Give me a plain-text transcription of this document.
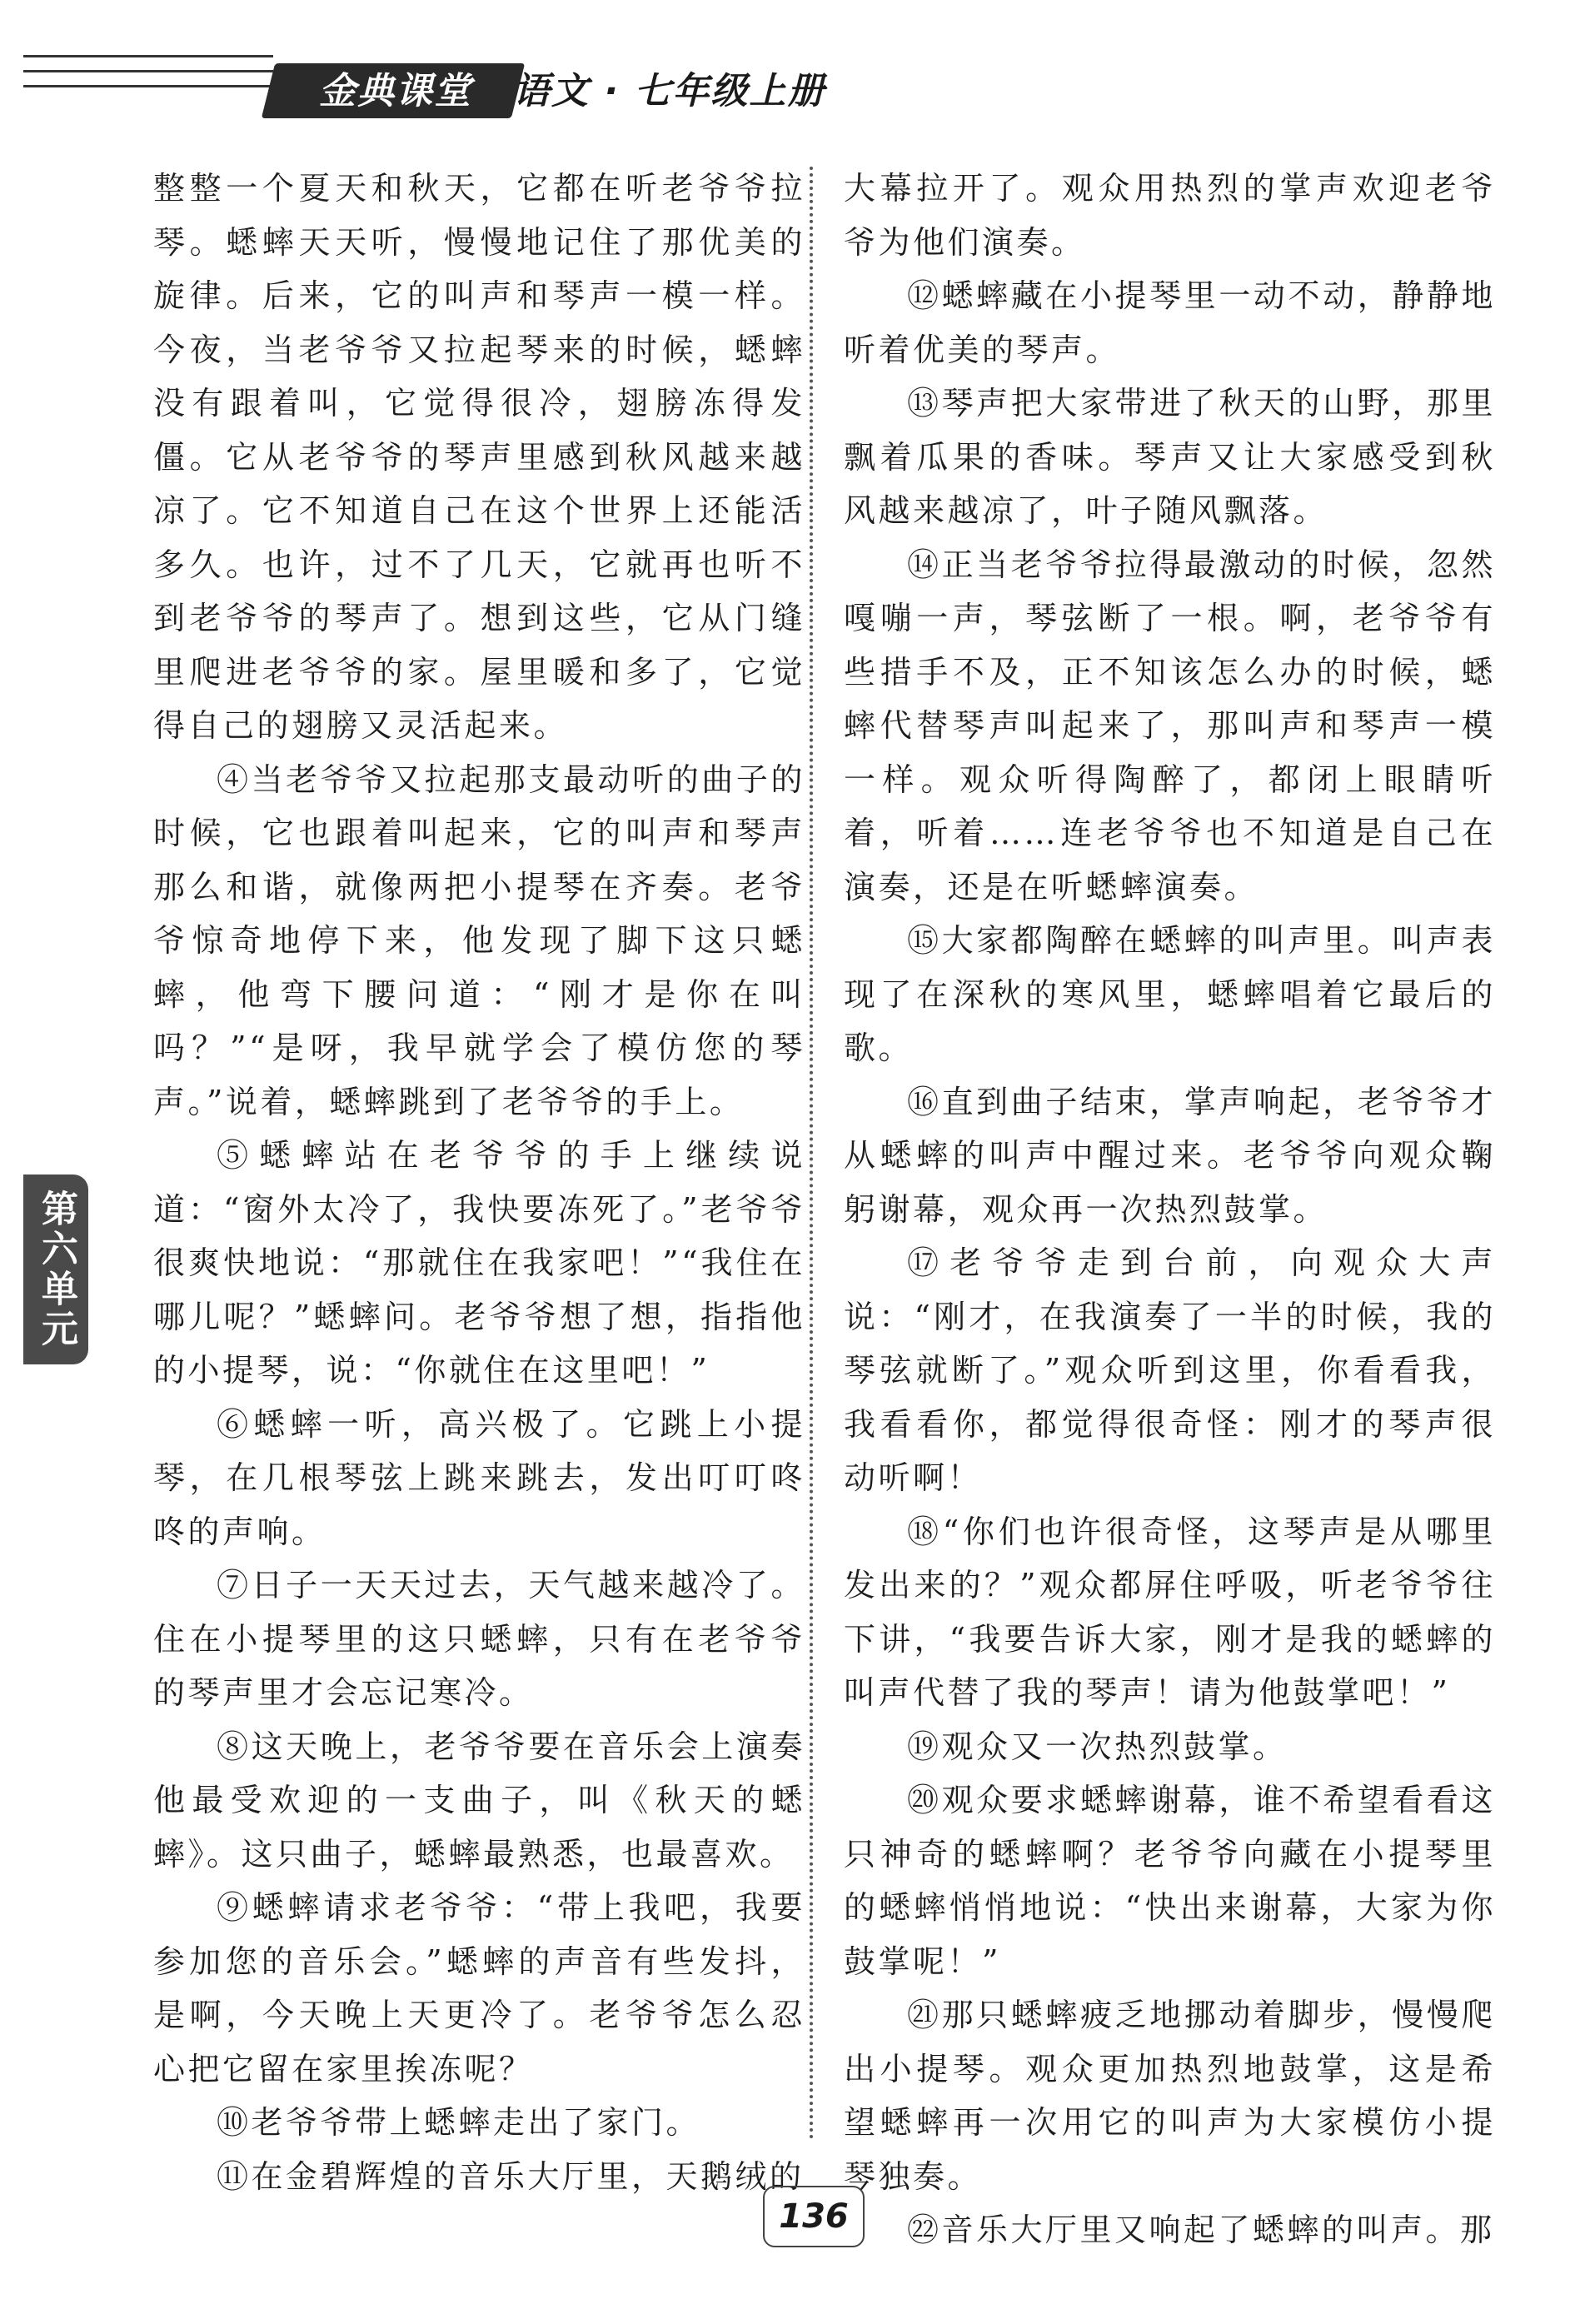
金典课堂	语文 · 七年级上册

整整一个夏天和秋天，它都在听老爷爷拉琴。蟋蟀天天听，慢慢地记住了那优美的旋律。后来，它的叫声和琴声一模一样。今夜，当老爷爷又拉起琴来的时候，蟋蟀没有跟着叫，它觉得很冷，翅膀冻得发僵。它从老爷爷的琴声里感到秋风越来越凉了。它不知道自己在这个世界上还能活多久。也许，过不了几天，它就再也听不到老爷爷的琴声了。想到这些，它从门缝里爬进老爷爷的家。屋里暖和多了，它觉得自己的翅膀又灵活起来。

④当老爷爷又拉起那支最动听的曲子的时候，它也跟着叫起来，它的叫声和琴声那么和谐，就像两把小提琴在齐奏。老爷爷惊奇地停下来，他发现了脚下这只蟋蟀，他弯下腰问道：“刚才是你在叫吗？”“是呀，我早就学会了模仿您的琴声。”说着，蟋蟀跳到了老爷爷的手上。

⑤蟋蟀站在老爷爷的手上继续说道：“窗外太冷了，我快要冻死了。”老爷爷很爽快地说：“那就住在我家吧！”“我住在哪儿呢？”蟋蟀问。老爷爷想了想，指指他的小提琴，说：“你就住在这里吧！”

⑥蟋蟀一听，高兴极了。它跳上小提琴，在几根琴弦上跳来跳去，发出叮叮咚咚的声响。

⑦日子一天天过去，天气越来越冷了。住在小提琴里的这只蟋蟀，只有在老爷爷的琴声里才会忘记寒冷。

⑧这天晚上，老爷爷要在音乐会上演奏他最受欢迎的一支曲子，叫《秋天的蟋蟀》。这只曲子，蟋蟀最熟悉，也最喜欢。

⑨蟋蟀请求老爷爷：“带上我吧，我要参加您的音乐会。”蟋蟀的声音有些发抖，是啊，今天晚上天更冷了。老爷爷怎么忍心把它留在家里挨冻呢？

⑩老爷爷带上蟋蟀走出了家门。

⑪在金碧辉煌的音乐大厅里，天鹅绒的

大幕拉开了。观众用热烈的掌声欢迎老爷爷为他们演奏。

⑫蟋蟀藏在小提琴里一动不动，静静地听着优美的琴声。

⑬琴声把大家带进了秋天的山野，那里飘着瓜果的香味。琴声又让大家感受到秋风越来越凉了，叶子随风飘落。

⑭正当老爷爷拉得最激动的时候，忽然嘎嘣一声，琴弦断了一根。啊，老爷爷有些措手不及，正不知该怎么办的时候，蟋蟀代替琴声叫起来了，那叫声和琴声一模一样。观众听得陶醉了，都闭上眼睛听着，听着……连老爷爷也不知道是自己在演奏，还是在听蟋蟀演奏。

⑮大家都陶醉在蟋蟀的叫声里。叫声表现了在深秋的寒风里，蟋蟀唱着它最后的歌。

⑯直到曲子结束，掌声响起，老爷爷才从蟋蟀的叫声中醒过来。老爷爷向观众鞠躬谢幕，观众再一次热烈鼓掌。

⑰老爷爷走到台前，向观众大声说：“刚才，在我演奏了一半的时候，我的琴弦就断了。”观众听到这里，你看看我，我看看你，都觉得很奇怪：刚才的琴声很动听啊！

⑱“你们也许很奇怪，这琴声是从哪里发出来的？”观众都屏住呼吸，听老爷爷往下讲，“我要告诉大家，刚才是我的蟋蟀的叫声代替了我的琴声！请为他鼓掌吧！”

⑲观众又一次热烈鼓掌。

⑳观众要求蟋蟀谢幕，谁不希望看看这只神奇的蟋蟀啊？老爷爷向藏在小提琴里的蟋蟀悄悄地说：“快出来谢幕，大家为你鼓掌呢！”

㉑那只蟋蟀疲乏地挪动着脚步，慢慢爬出小提琴。观众更加热烈地鼓掌，这是希望蟋蟀再一次用它的叫声为大家模仿小提琴独奏。

㉒音乐大厅里又响起了蟋蟀的叫声。那

第六单元
136
